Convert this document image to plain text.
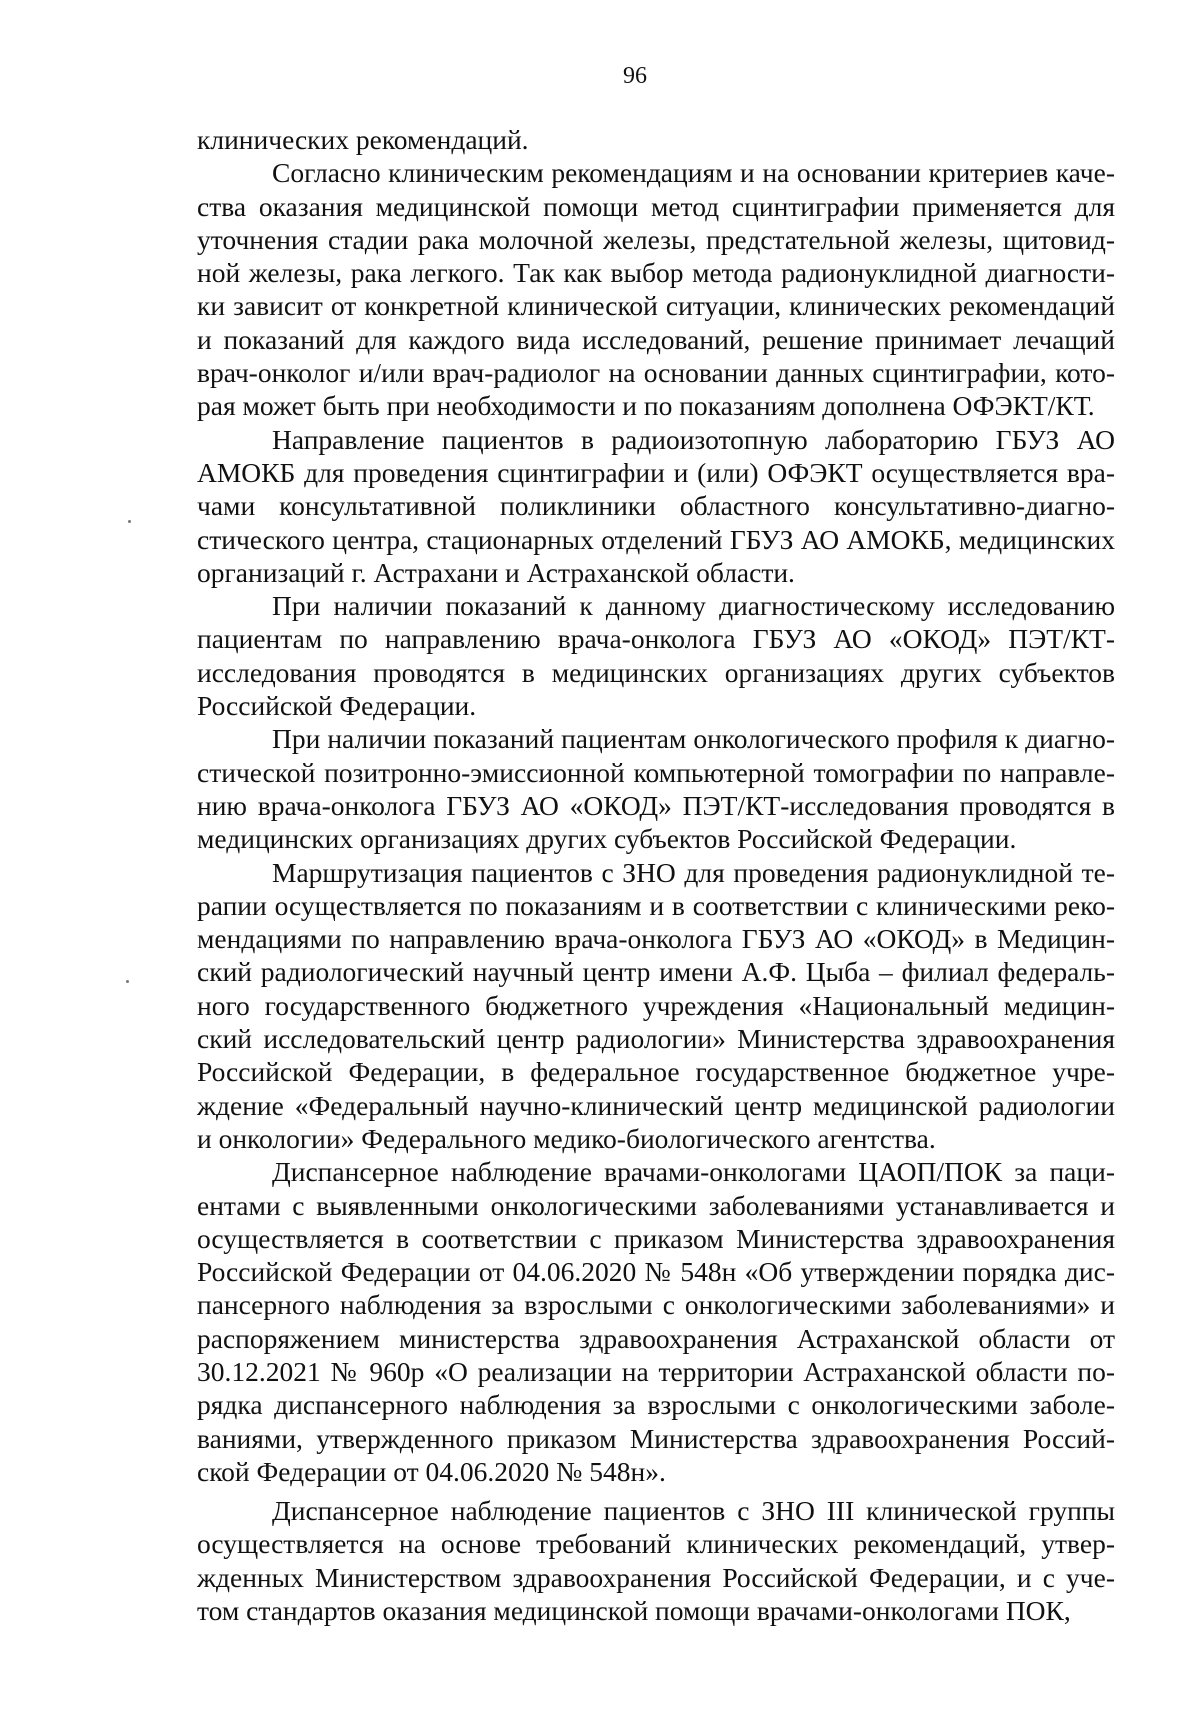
96

клинических рекомендаций.

Согласно клиническим рекомендациям и на основании критериев качества оказания медицинской помощи метод сцинтиграфии применяется для уточнения стадии рака молочной железы, предстательной железы, щитовидной железы, рака легкого. Так как выбор метода радионуклидной диагностики зависит от конкретной клинической ситуации, клинических рекомендаций и показаний для каждого вида исследований, решение принимает лечащий врач-онколог и/или врач-радиолог на основании данных сцинтиграфии, которая может быть при необходимости и по показаниям дополнена ОФЭКТ/КТ.

Направление пациентов в радиоизотопную лабораторию ГБУЗ АО АМОКБ для проведения сцинтиграфии и (или) ОФЭКТ осуществляется врачами консультативной поликлиники областного консультативно-диагностического центра, стационарных отделений ГБУЗ АО АМОКБ, медицинских организаций г. Астрахани и Астраханской области.

При наличии показаний к данному диагностическому исследованию пациентам по направлению врача-онколога ГБУЗ АО «ОКОД» ПЭТ/КТ-исследования проводятся в медицинских организациях других субъектов Российской Федерации.

При наличии показаний пациентам онкологического профиля к диагностической позитронно-эмиссионной компьютерной томографии по направлению врача-онколога ГБУЗ АО «ОКОД» ПЭТ/КТ-исследования проводятся в медицинских организациях других субъектов Российской Федерации.

Маршрутизация пациентов с ЗНО для проведения радионуклидной терапии осуществляется по показаниям и в соответствии с клиническими рекомендациями по направлению врача-онколога ГБУЗ АО «ОКОД» в Медицинский радиологический научный центр имени А.Ф. Цыба – филиал федерального государственного бюджетного учреждения «Национальный медицинский исследовательский центр радиологии» Министерства здравоохранения Российской Федерации, в федеральное государственное бюджетное учреждение «Федеральный научно-клинический центр медицинской радиологии и онкологии» Федерального медико-биологического агентства.

Диспансерное наблюдение врачами-онкологами ЦАОП/ПОК за пациентами с выявленными онкологическими заболеваниями устанавливается и осуществляется в соответствии с приказом Министерства здравоохранения Российской Федерации от 04.06.2020 № 548н «Об утверждении порядка диспансерного наблюдения за взрослыми с онкологическими заболеваниями» и распоряжением министерства здравоохранения Астраханской области от 30.12.2021 № 960р «О реализации на территории Астраханской области порядка диспансерного наблюдения за взрослыми с онкологическими заболеваниями, утвержденного приказом Министерства здравоохранения Российской Федерации от 04.06.2020 № 548н».

Диспансерное наблюдение пациентов с ЗНО III клинической группы осуществляется на основе требований клинических рекомендаций, утвержденных Министерством здравоохранения Российской Федерации, и с учетом стандартов оказания медицинской помощи врачами-онкологами ПОК,
